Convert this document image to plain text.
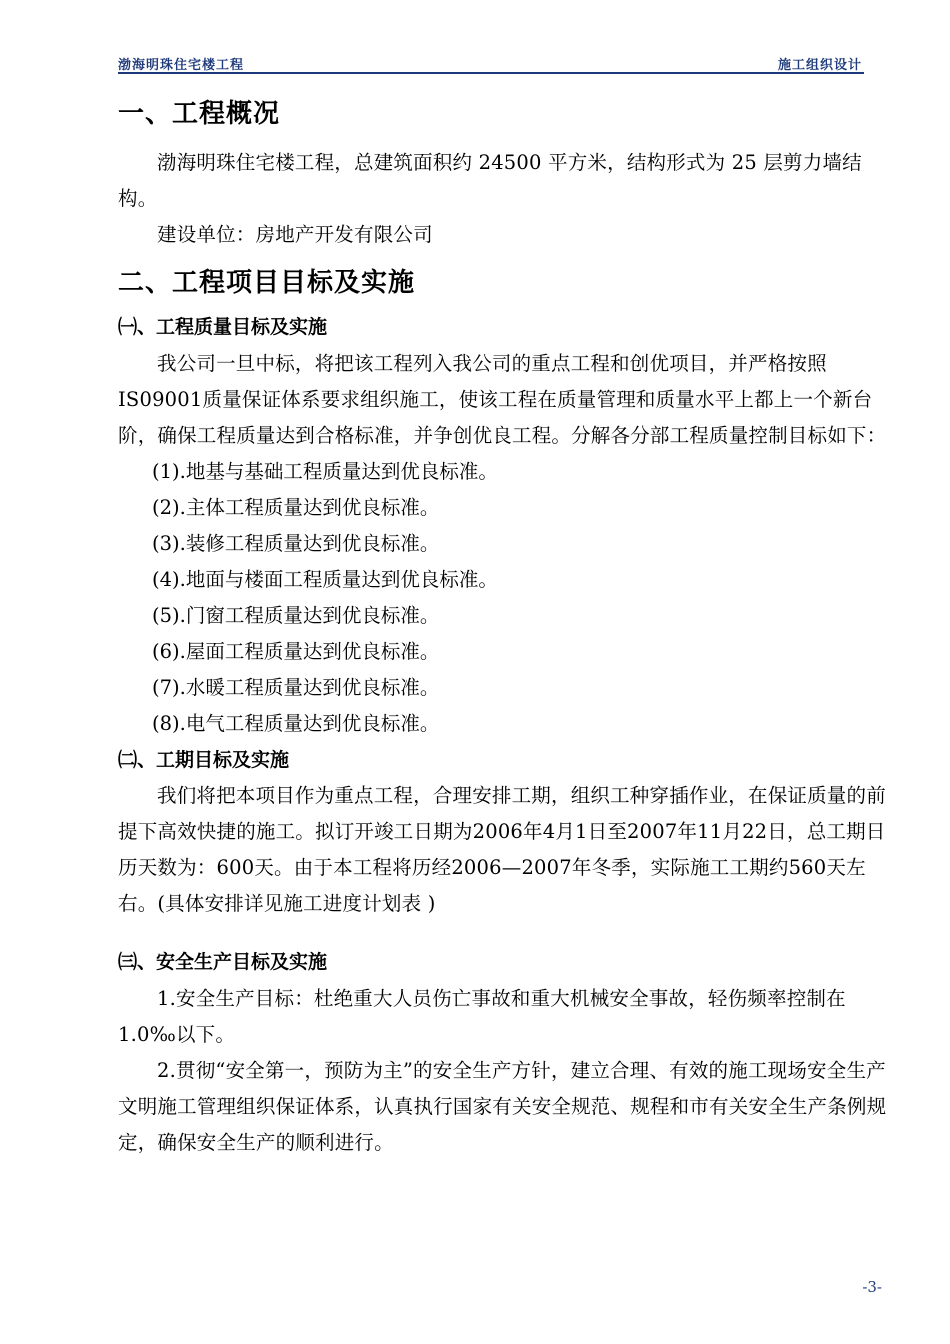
渤海明珠住宅楼工程	施工组织设计
一、工程概况

渤海明珠住宅楼工程，总建筑面积约 24500 平方米，结构形式为 25 层剪力墙结构。

建设单位：房地产开发有限公司

二、工程项目目标及实施
㈠、工程质量目标及实施

我公司一旦中标，将把该工程列入我公司的重点工程和创优项目，并严格按照IS09001质量保证体系要求组织施工，使该工程在质量管理和质量水平上都上一个新台阶，确保工程质量达到合格标准，并争创优良工程。分解各分部工程质量控制目标如下：

(1).地基与基础工程质量达到优良标准。

(2).主体工程质量达到优良标准。

(3).装修工程质量达到优良标准。

(4).地面与楼面工程质量达到优良标准。

(5).门窗工程质量达到优良标准。

(6).屋面工程质量达到优良标准。

(7).水暖工程质量达到优良标准。

(8).电气工程质量达到优良标准。

㈡、工期目标及实施

我们将把本项目作为重点工程，合理安排工期，组织工种穿插作业，在保证质量的前提下高效快捷的施工。拟订开竣工日期为2006年4月1日至2007年11月22日，总工期日历天数为：600天。由于本工程将历经2006—2007年冬季，实际施工工期约560天左右。(具体安排详见施工进度计划表 )

㈢、安全生产目标及实施

1.安全生产目标：杜绝重大人员伤亡事故和重大机械安全事故，轻伤频率控制在1.0‰以下。

2.贯彻“安全第一，预防为主”的安全生产方针，建立合理、有效的施工现场安全生产文明施工管理组织保证体系，认真执行国家有关安全规范、规程和市有关安全生产条例规定，确保安全生产的顺利进行。

-3-
